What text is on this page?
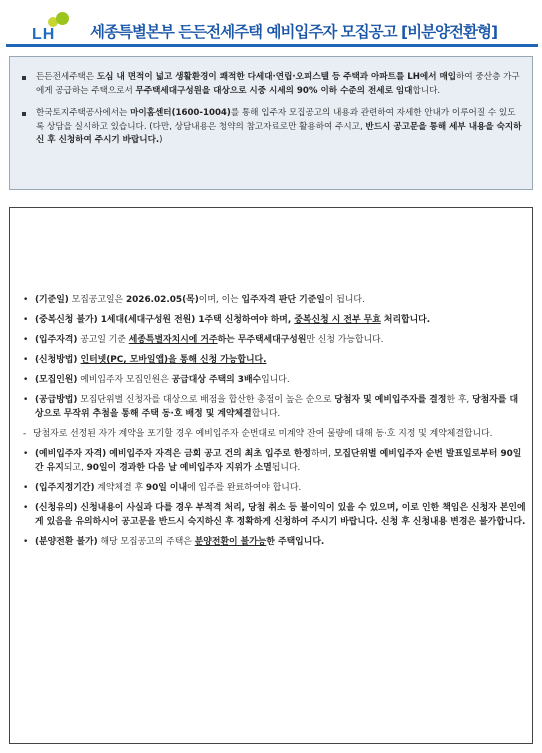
LH 세종특별본부 든든전세주택 예비입주자 모집공고 [비분양전환형]

든든전세주택은 도심 내 면적이 넓고 생활환경이 쾌적한 다세대·연립·오피스텔 등 주택과 아파트를 LH에서 매입하여 중산층 가구에게 공급하는 주택으로서 무주택세대구성원을 대상으로 시중 시세의 90% 이하 수준의 전세로 임대합니다.

한국토지주택공사에서는 마이홈센터(1600-1004)를 통해 입주자 모집공고의 내용과 관련하여 자세한 안내가 이루어질 수 있도록 상담을 실시하고 있습니다. (다만, 상담내용은 청약의 참고자료로만 활용하여 주시고, 반드시 공고문을 통해 세부 내용을 숙지하신 후 신청하여 주시기 바랍니다.)

• (기준일) 모집공고일은 2026.02.05(목)이며, 이는 입주자격 판단 기준일이 됩니다.

• (중복신청 불가) 1세대(세대구성원 전원) 1주택 신청하여야 하며, 중복신청 시 전부 무효 처리합니다.

• (입주자격) 공고일 기준 세종특별자치시에 거주하는 무주택세대구성원만 신청 가능합니다.

• (신청방법) 인터넷(PC, 모바일앱)을 통해 신청 가능합니다.

• (모집인원) 예비입주자 모집인원은 공급대상 주택의 3배수입니다.

• (공급방법) 모집단위별 신청자를 대상으로 배점을 합산한 총점이 높은 순으로 당첨자 및 예비입주자를 결정한 후, 당첨자를 대상으로 무작위 추첨을 통해 주택 동·호 배정 및 계약체결합니다.

- 당첨자로 선정된 자가 계약을 포기할 경우 예비입주자 순번대로 미계약 잔여 물량에 대해 동·호 지정 및 계약체결합니다.

• (예비입주자 자격) 예비입주자 자격은 금회 공고 건의 최초 입주로 한정하며, 모집단위별 예비입주자 순번 발표일로부터 90일간 유지되고, 90일이 경과한 다음 날 예비입주자 지위가 소멸됩니다.

• (입주지정기간) 계약체결 후 90일 이내에 입주를 완료하여야 합니다.

• (신청유의) 신청내용이 사실과 다를 경우 부적격 처리, 당첨 취소 등 불이익이 있을 수 있으며, 이로 인한 책임은 신청자 본인에게 있음을 유의하시어 공고문을 반드시 숙지하신 후 정확하게 신청하여 주시기 바랍니다. 신청 후 신청내용 변경은 불가합니다.

• (분양전환 불가) 해당 모집공고의 주택은 분양전환이 불가능한 주택입니다.
